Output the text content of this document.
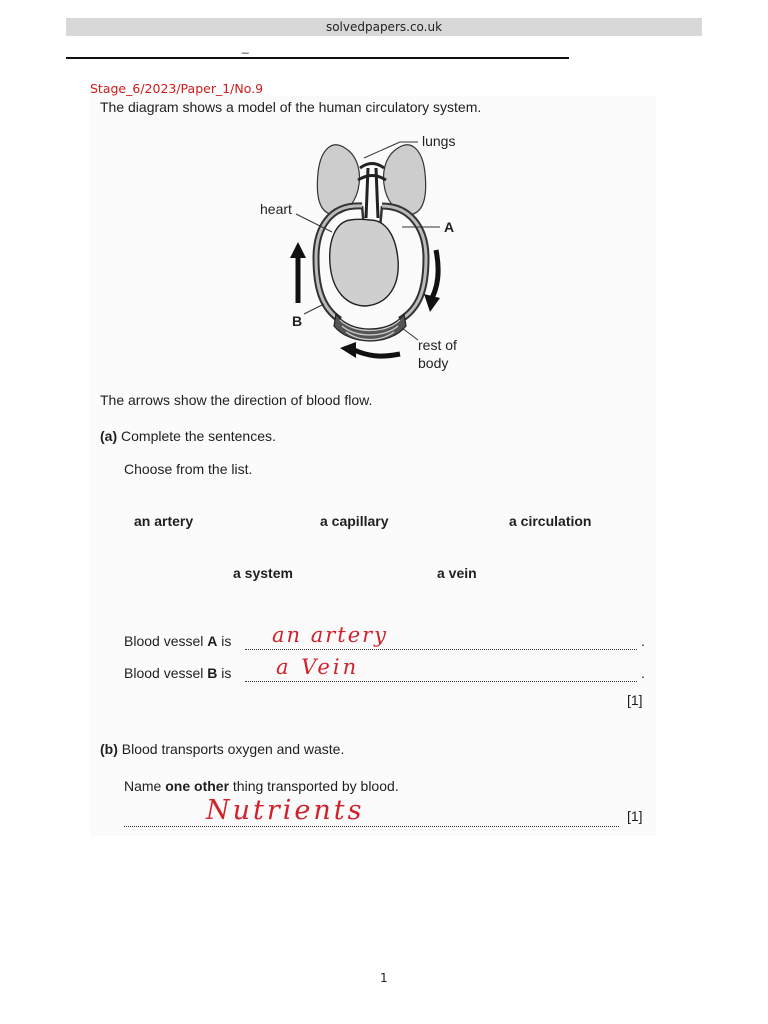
solvedpapers.co.uk
_
Stage_6/2023/Paper_1/No.9
The diagram shows a model of the human circulatory system.
lungs
heart
A
B
rest of
body
The arrows show the direction of blood flow.
(a) Complete the sentences.
Choose from the list.
an artery	a capillary	a circulation
a system	a vein
Blood vessel A is	.
an artery
Blood vessel B is	.
a Vein
[1]
(b) Blood transports oxygen and waste.
Name one other thing transported by blood.
Nutrients	[1]
1
